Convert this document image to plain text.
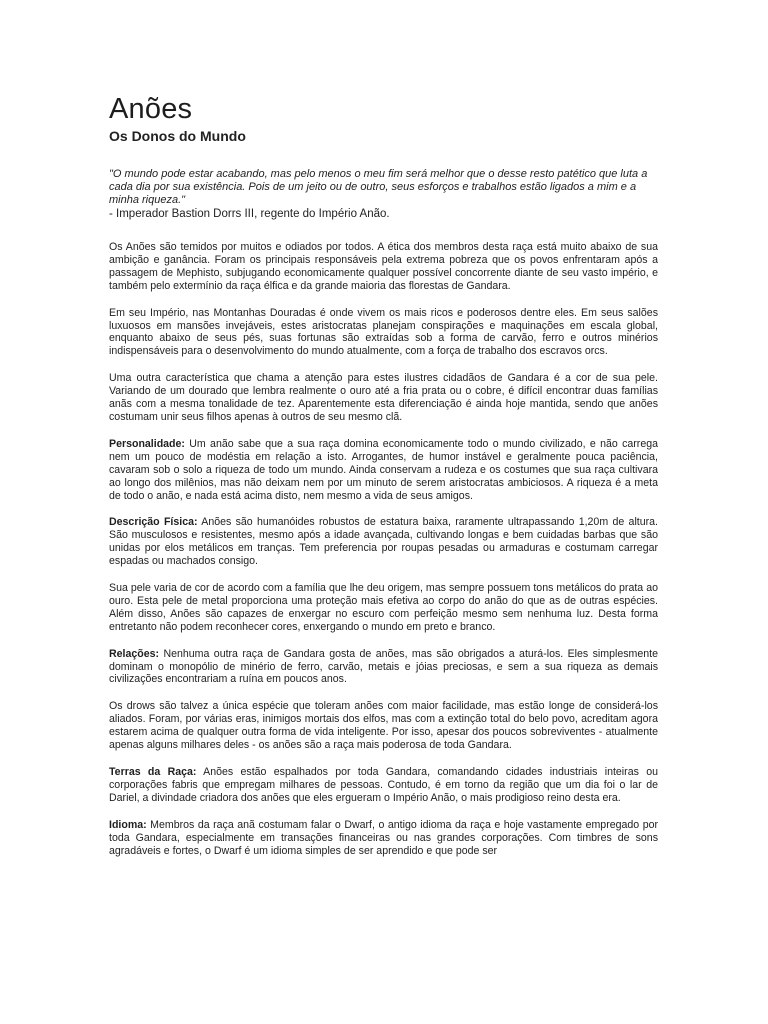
Anões
Os Donos do Mundo

"O mundo pode estar acabando, mas pelo menos o meu fim será melhor que o desse resto patético que luta a cada dia por sua existência. Pois de um jeito ou de outro, seus esforços e trabalhos estão ligados a mim e a minha riqueza."

- Imperador Bastion Dorrs III, regente do Império Anão.

Os Anões são temidos por muitos e odiados por todos. A ética dos membros desta raça está muito abaixo de sua ambição e ganância. Foram os principais responsáveis pela extrema pobreza que os povos enfrentaram após a passagem de Mephisto, subjugando economicamente qualquer possível concorrente diante de seu vasto império, e também pelo extermínio da raça élfica e da grande maioria das florestas de Gandara.

Em seu Império, nas Montanhas Douradas é onde vivem os mais ricos e poderosos dentre eles. Em seus salões luxuosos em mansões invejáveis, estes aristocratas planejam conspirações e maquinações em escala global, enquanto abaixo de seus pés, suas fortunas são extraídas sob a forma de carvão, ferro e outros minérios indispensáveis para o desenvolvimento do mundo atualmente, com a força de trabalho dos escravos orcs.

Uma outra característica que chama a atenção para estes ilustres cidadãos de Gandara é a cor de sua pele. Variando de um dourado que lembra realmente o ouro até a fria prata ou o cobre, é difícil encontrar duas famílias anãs com a mesma tonalidade de tez. Aparentemente esta diferenciação é ainda hoje mantida, sendo que anões costumam unir seus filhos apenas à outros de seu mesmo clã.

Personalidade: Um anão sabe que a sua raça domina economicamente todo o mundo civilizado, e não carrega nem um pouco de modéstia em relação a isto. Arrogantes, de humor instável e geralmente pouca paciência, cavaram sob o solo a riqueza de todo um mundo. Ainda conservam a rudeza e os costumes que sua raça cultivara ao longo dos milênios, mas não deixam nem por um minuto de serem aristocratas ambiciosos. A riqueza é a meta de todo o anão, e nada está acima disto, nem mesmo a vida de seus amigos.

Descrição Física: Anões são humanóides robustos de estatura baixa, raramente ultrapassando 1,20m de altura. São musculosos e resistentes, mesmo após a idade avançada, cultivando longas e bem cuidadas barbas que são unidas por elos metálicos em tranças. Tem preferencia por roupas pesadas ou armaduras e costumam carregar espadas ou machados consigo.

Sua pele varia de cor de acordo com a família que lhe deu origem, mas sempre possuem tons metálicos do prata ao ouro. Esta pele de metal proporciona uma proteção mais efetiva ao corpo do anão do que as de outras espécies. Além disso, Anões são capazes de enxergar no escuro com perfeição mesmo sem nenhuma luz. Desta forma entretanto não podem reconhecer cores, enxergando o mundo em preto e branco.

Relações: Nenhuma outra raça de Gandara gosta de anões, mas são obrigados a aturá-los. Eles simplesmente dominam o monopólio de minério de ferro, carvão, metais e jóias preciosas, e sem a sua riqueza as demais civilizações encontrariam a ruína em poucos anos.

Os drows são talvez a única espécie que toleram anões com maior facilidade, mas estão longe de considerá-los aliados. Foram, por várias eras, inimigos mortais dos elfos, mas com a extinção total do belo povo, acreditam agora estarem acima de qualquer outra forma de vida inteligente. Por isso, apesar dos poucos sobreviventes - atualmente apenas alguns milhares deles - os anões são a raça mais poderosa de toda Gandara.

Terras da Raça: Anões estão espalhados por toda Gandara, comandando cidades industriais inteiras ou corporações fabris que empregam milhares de pessoas. Contudo, é em torno da região que um dia foi o lar de Dariel, a divindade criadora dos anões que eles ergueram o Império Anão, o mais prodigioso reino desta era.

Idioma: Membros da raça anã costumam falar o Dwarf, o antigo idioma da raça e hoje vastamente empregado por toda Gandara, especialmente em transações financeiras ou nas grandes corporações. Com timbres de sons agradáveis e fortes, o Dwarf é um idioma simples de ser aprendido e que pode ser
